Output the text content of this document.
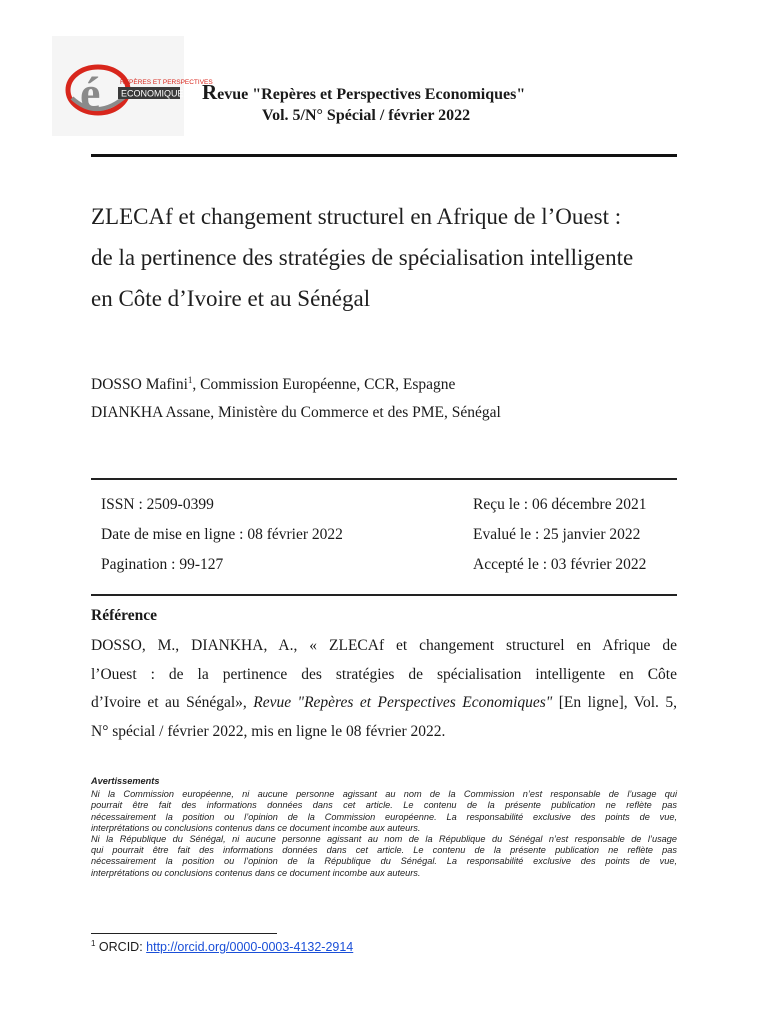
é	REPÈRES ET PERSPECTIVES
ECONOMIQUES Revue "Repères et Perspectives Economiques"
Vol. 5/N° Spécial / février 2022
ZLECAf et changement structurel en Afrique de l’Ouest :
de la pertinence des stratégies de spécialisation intelligente
en Côte d’Ivoire et au Sénégal
DOSSO Mafini$^1$, Commission Européenne, CCR, Espagne
DIANKHA Assane, Ministère du Commerce et des PME, Sénégal
ISSN : 2509-0399
Date de mise en ligne : 08 février 2022
Pagination : 99-127
Reçu le : 06 décembre 2021
Evalué le : 25 janvier 2022
Accepté le : 03 février 2022
Référence
DOSSO, M., DIANKHA, A., « ZLECAf et changement structurel en Afrique de
l’Ouest : de la pertinence des stratégies de spécialisation intelligente en Côte
d’Ivoire et au Sénégal», Revue "Repères et Perspectives Economiques" [En ligne], Vol. 5,
N° spécial / février 2022, mis en ligne le 08 février 2022.
Avertissements
Ni la Commission européenne, ni aucune personne agissant au nom de la Commission n’est responsable de l’usage qui
pourrait être fait des informations données dans cet article. Le contenu de la présente publication ne reflète pas
nécessairement la position ou l’opinion de la Commission européenne. La responsabilité exclusive des points de vue,
interprétations ou conclusions contenus dans ce document incombe aux auteurs.
Ni la République du Sénégal, ni aucune personne agissant au nom de la République du Sénégal n’est responsable de l’usage
qui pourrait être fait des informations données dans cet article. Le contenu de la présente publication ne reflète pas
nécessairement la position ou l’opinion de la République du Sénégal. La responsabilité exclusive des points de vue,
interprétations ou conclusions contenus dans ce document incombe aux auteurs.
$^1$ ORCID: http://orcid.org/0000-0003-4132-2914
